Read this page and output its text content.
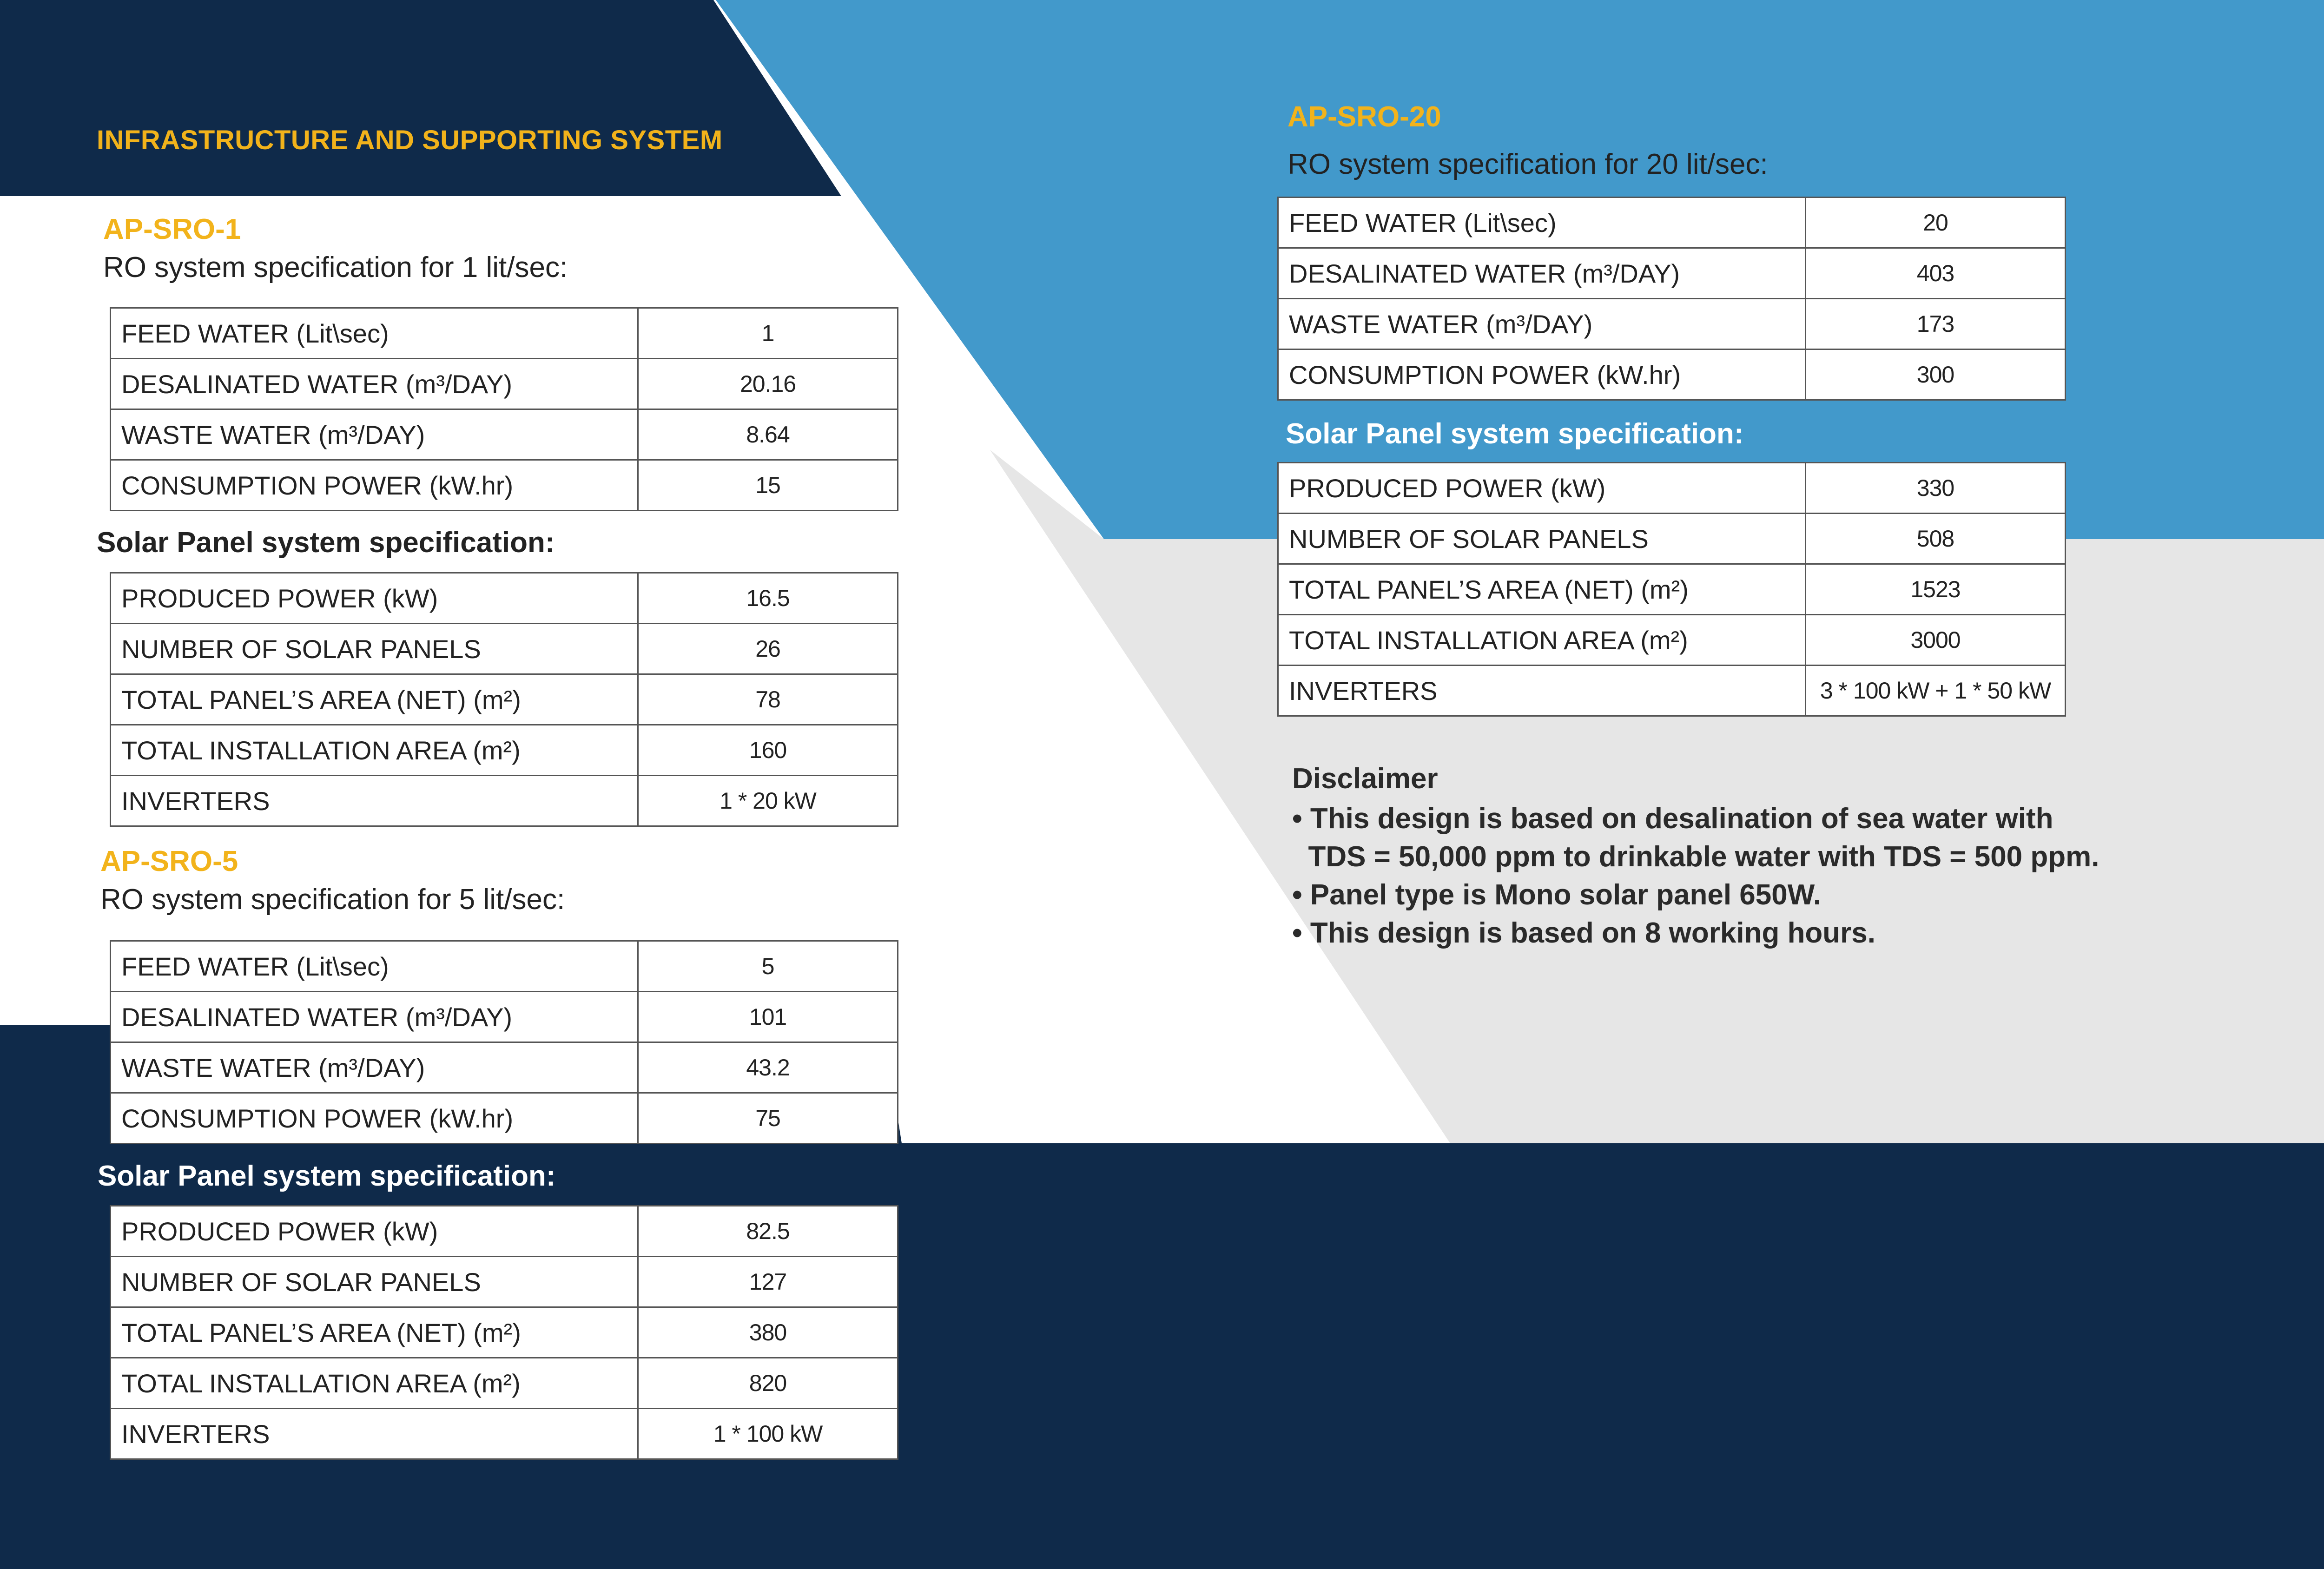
INFRASTRUCTURE AND SUPPORTING SYSTEM
AP-SRO-1
RO system specification for 1 lit/sec:
FEED WATER (Lit\sec)	1
DESALINATED WATER (m³/DAY)	20.16
WASTE WATER (m³/DAY)	8.64
CONSUMPTION POWER (kW.hr)	15
Solar Panel system specification:
PRODUCED POWER (kW)	16.5
NUMBER OF SOLAR PANELS	26
TOTAL PANEL’S AREA (NET) (m²)	78
TOTAL INSTALLATION AREA (m²)	160
INVERTERS	1 * 20 kW
AP-SRO-5
RO system specification for 5 lit/sec:
FEED WATER (Lit\sec)	5
DESALINATED WATER (m³/DAY)	101
WASTE WATER (m³/DAY)	43.2
CONSUMPTION POWER (kW.hr)	75
Solar Panel system specification:
PRODUCED POWER (kW)	82.5
NUMBER OF SOLAR PANELS	127
TOTAL PANEL’S AREA (NET) (m²)	380
TOTAL INSTALLATION AREA (m²)	820
INVERTERS	1 * 100 kW
AP-SRO-20
RO system specification for 20 lit/sec:
FEED WATER (Lit\sec)	20
DESALINATED WATER (m³/DAY)	403
WASTE WATER (m³/DAY)	173
CONSUMPTION POWER (kW.hr)	300
Solar Panel system specification:
PRODUCED POWER (kW)	330
NUMBER OF SOLAR PANELS	508
TOTAL PANEL’S AREA (NET) (m²)	1523
TOTAL INSTALLATION AREA (m²)	3000
INVERTERS	3 * 100 kW + 1 * 50 kW
Disclaimer
• This design is based on desalination of sea water with
TDS = 50,000 ppm to drinkable water with TDS = 500 ppm.
• Panel type is Mono solar panel 650W.
• This design is based on 8 working hours.
